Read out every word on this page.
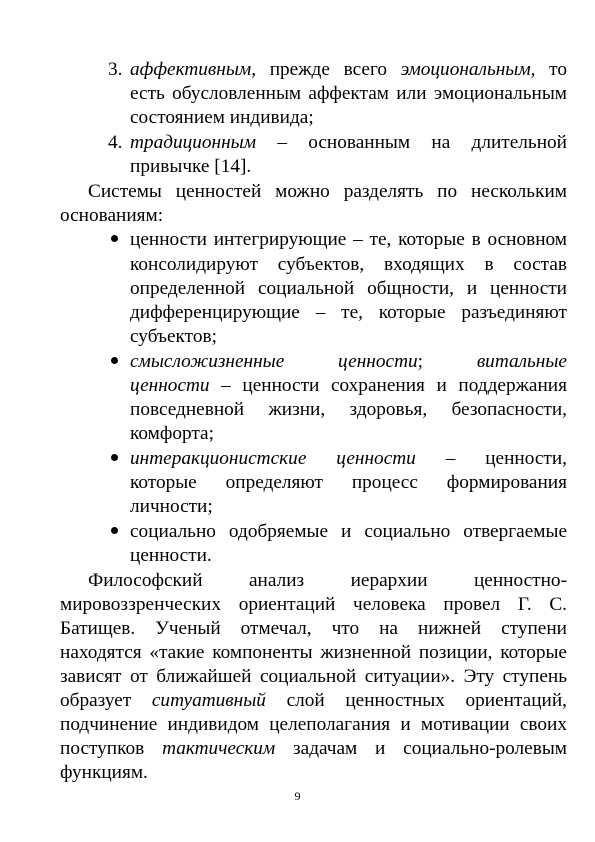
3. аффективным, прежде всего эмоциональным, то
есть обусловленным аффектам или эмоциональным
состоянием индивида;
4. традиционным – основанным на длительной
привычке [14].
Системы ценностей можно разделять по нескольким
основаниям:
ценности интегрирующие – те, которые в основном
консолидируют субъектов, входящих в состав
определенной социальной общности, и ценности
дифференцирующие – те, которые разъединяют
субъектов;
смысложизненные ценности; витальные
ценности – ценности сохранения и поддержания
повседневной жизни, здоровья, безопасности,
комфорта;
интеракционистские ценности – ценности,
которые определяют процесс формирования
личности;
социально одобряемые и социально отвергаемые
ценности.
Философский анализ иерархии ценностно-
мировоззренческих ориентаций человека провел Г. С.
Батищев. Ученый отмечал, что на нижней ступени
находятся «такие компоненты жизненной позиции, которые
зависят от ближайшей социальной ситуации». Эту ступень
образует ситуативный слой ценностных ориентаций,
подчинение индивидом целеполагания и мотивации своих
поступков тактическим задачам и социально-ролевым
функциям.
9
